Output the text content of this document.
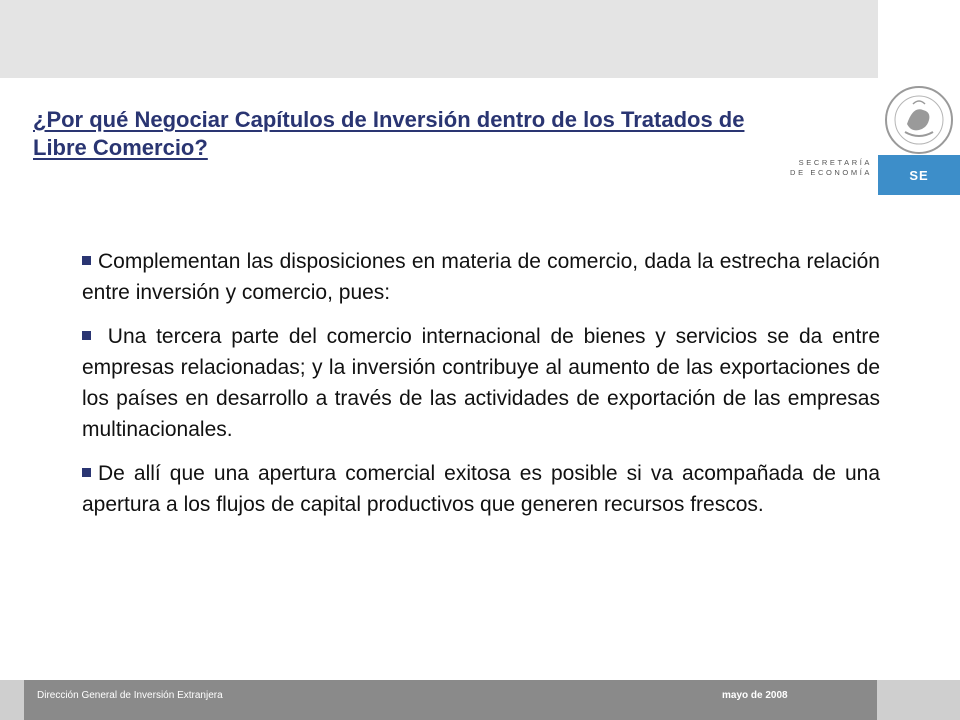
SECRETARÍA
DE ECONOMÍA	SE
¿Por qué Negociar Capítulos de Inversión dentro de los Tratados de Libre Comercio?

Complementan las disposiciones en materia de comercio, dada la estrecha relación entre inversión y comercio, pues:

Una tercera parte del comercio internacional de bienes y servicios se da entre empresas relacionadas; y la inversión contribuye al aumento de las exportaciones de los países en desarrollo a través de las actividades de exportación de las empresas multinacionales.

De allí que una apertura comercial exitosa es posible si va acompañada de una apertura a los flujos de capital productivos que generen recursos frescos.

Dirección General de Inversión Extranjera	mayo de 2008
